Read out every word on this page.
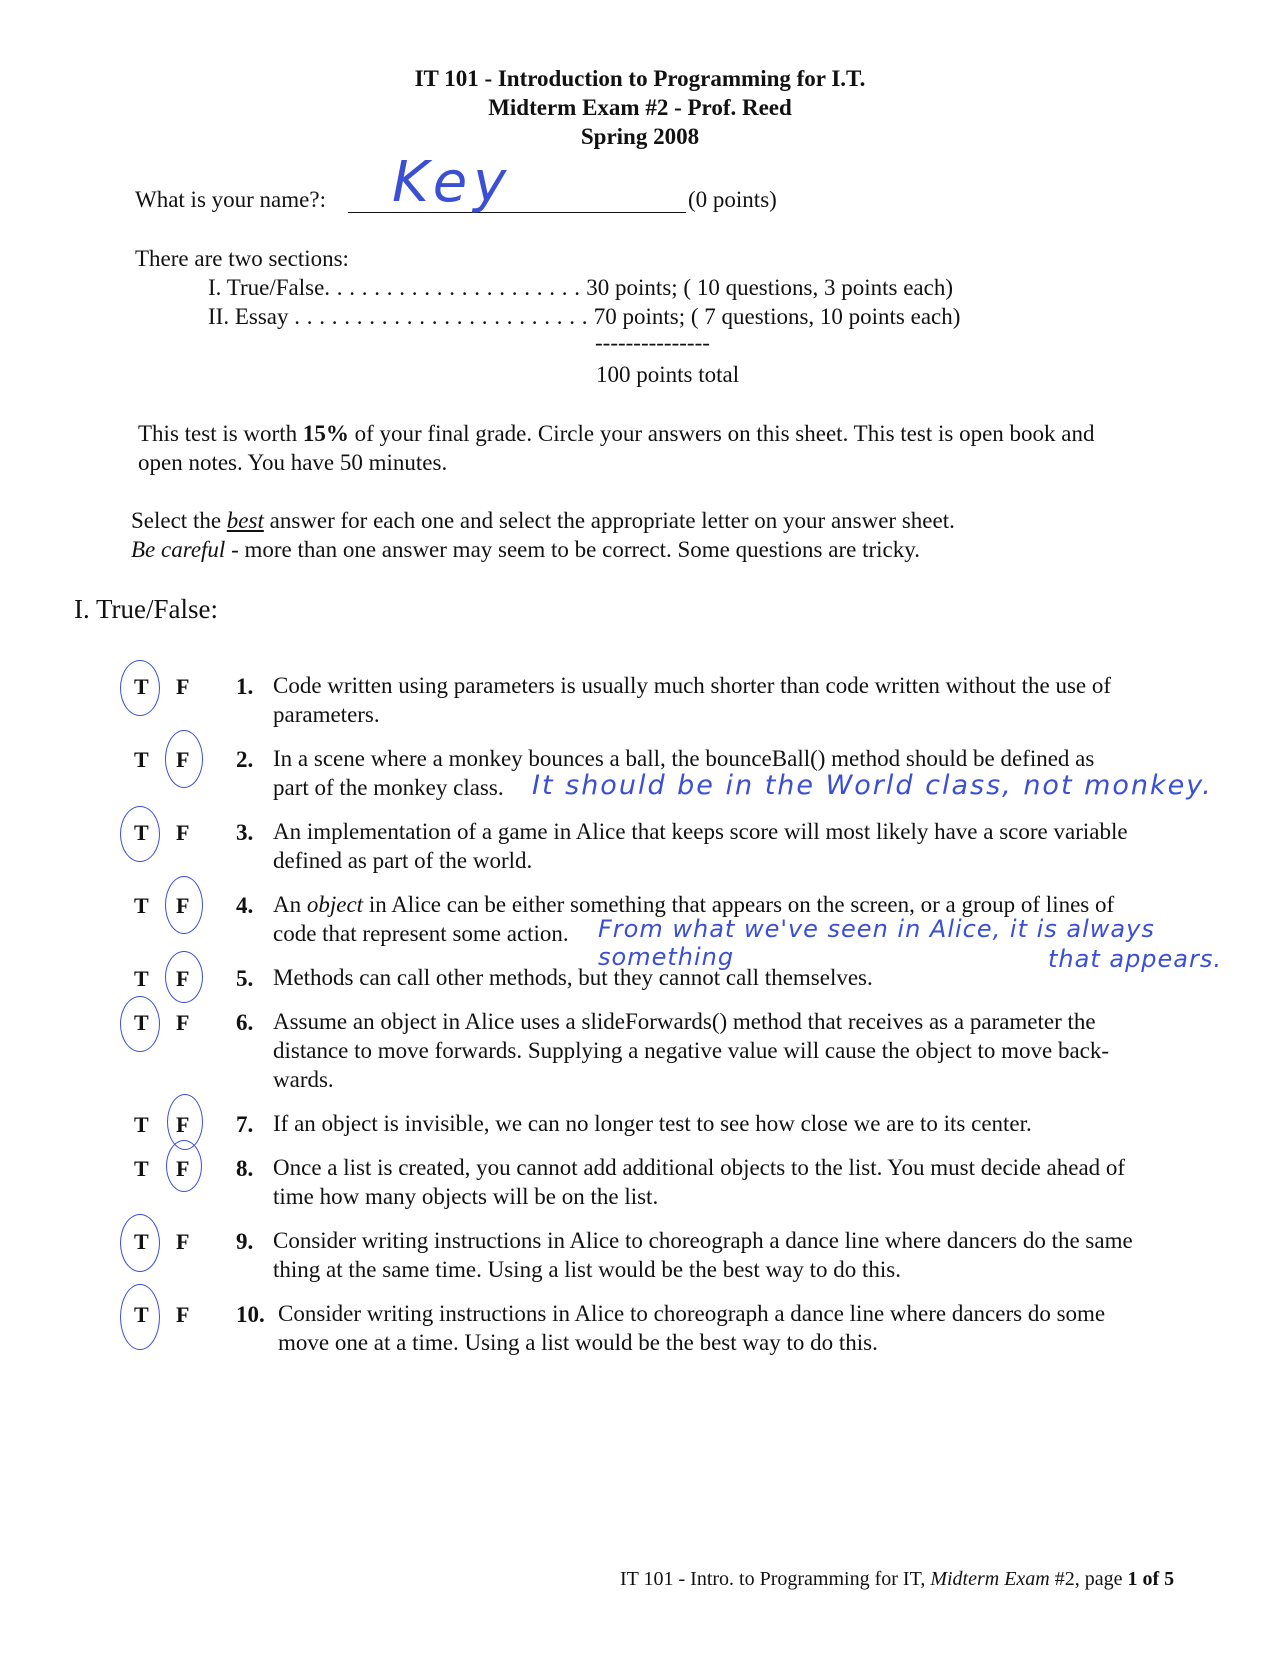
IT 101 - Introduction to Programming for I.T.
Midterm Exam #2 - Prof. Reed
Spring 2008
What is your name?: Key	(0 points)
There are two sections:
I. True/False. . . . . . . . . . . . . . . . . . . . . 30 points; ( 10 questions, 3 points each)
II. Essay . . . . . . . . . . . . . . . . . . . . . . . . 70 points; ( 7 questions, 10 points each)
---------------
100 points total
This test is worth 15% of your final grade. Circle your answers on this sheet. This test is open book and
open notes. You have 50 minutes.
Select the best answer for each one and select the appropriate letter on your answer sheet.
Be careful - more than one answer may seem to be correct. Some questions are tricky.
I. True/False:
T F 1. Code written using parameters is usually much shorter than code written without the use of
parameters.
T F 2. In a scene where a monkey bounces a ball, the bounceBall() method should be defined as
part of the monkey class.	It should be in the World class, not monkey.
T F 3. An implementation of a game in Alice that keeps score will most likely have a score variable
defined as part of the world.
T F 4. An object in Alice can be either something that appears on the screen, or a group of lines of
code that represent some action.	From what we've seen in Alice, it is always something	that appears.
T F 5. Methods can call other methods, but they cannot call themselves.
T F 6. Assume an object in Alice uses a slideForwards() method that receives as a parameter the
distance to move forwards. Supplying a negative value will cause the object to move back-
wards.
T F 7. If an object is invisible, we can no longer test to see how close we are to its center.
T F 8. Once a list is created, you cannot add additional objects to the list. You must decide ahead of
time how many objects will be on the list.
T F 9. Consider writing instructions in Alice to choreograph a dance line where dancers do the same
thing at the same time. Using a list would be the best way to do this.
T F 10. Consider writing instructions in Alice to choreograph a dance line where dancers do some
move one at a time. Using a list would be the best way to do this.
IT 101 - Intro. to Programming for IT, Midterm Exam #2, page 1 of 5
